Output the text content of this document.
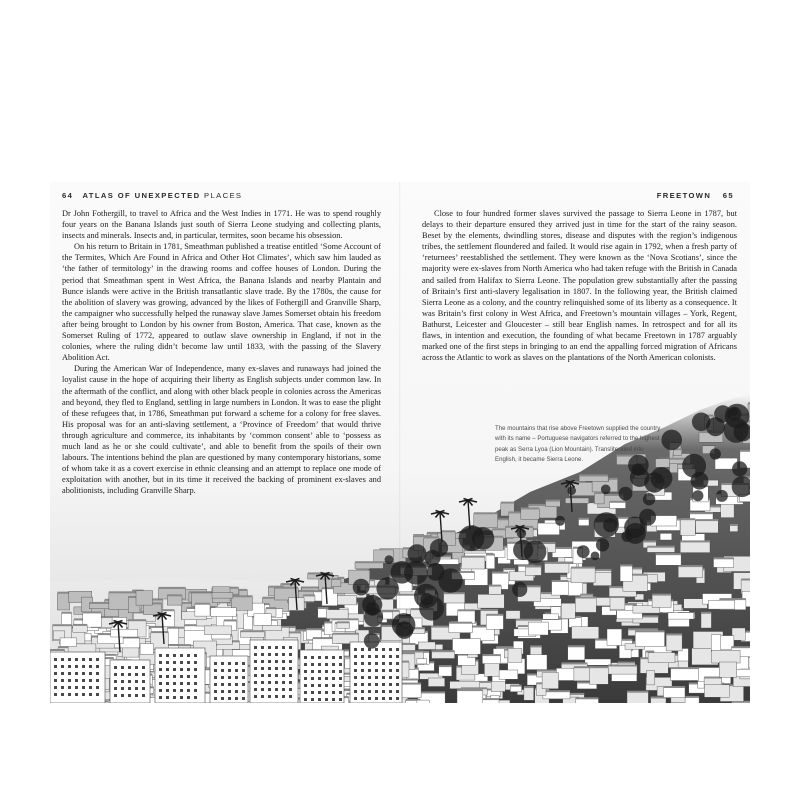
64 ATLAS OF UNEXPECTED PLACES	FREETOWN 65

Dr John Fothergill, to travel to Africa and the West Indies in 1771. He was to spend roughly four years on the Banana Islands just south of Sierra Leone studying and collecting plants, insects and minerals. Insects and, in particular, termites, soon became his obsession.

On his return to Britain in 1781, Smeathman published a treatise entitled ‘Some Account of the Termites, Which Are Found in Africa and Other Hot Climates’, which saw him lauded as ‘the father of termitology’ in the drawing rooms and coffee houses of London. During the period that Smeathman spent in West Africa, the Banana Islands and nearby Plantain and Bunce islands were active in the British transatlantic slave trade. By the 1780s, the cause for the abolition of slavery was growing, advanced by the likes of Fothergill and Granville Sharp, the campaigner who successfully helped the runaway slave James Somerset obtain his freedom after being brought to London by his owner from Boston, America. That case, known as the Somerset Ruling of 1772, appeared to outlaw slave ownership in England, if not in the colonies, where the ruling didn’t become law until 1833, with the passing of the Slavery Abolition Act.

During the American War of Independence, many ex-slaves and runaways had joined the loyalist cause in the hope of acquiring their liberty as English subjects under common law. In the aftermath of the conflict, and along with other black people in colonies across the Americas and beyond, they fled to England, settling in large numbers in London. It was to ease the plight of these refugees that, in 1786, Smeathman put forward a scheme for a colony for free slaves. His proposal was for an anti-slaving settlement, a ‘Province of Freedom’ that would thrive through agriculture and commerce, its inhabitants by ‘common consent’ able to ‘possess as much land as he or she could cultivate’, and able to benefit from the spoils of their own labours. The intentions behind the plan are questioned by many contemporary historians, some of whom take it as a covert exercise in ethnic cleansing and an attempt to replace one mode of exploitation with another, but in its time it received the backing of prominent ex-slaves and abolitionists, including Granville Sharp.

Close to four hundred former slaves survived the passage to Sierra Leone in 1787, but delays to their departure ensured they arrived just in time for the start of the rainy season. Beset by the elements, dwindling stores, disease and disputes with the region’s indigenous tribes, the settlement floundered and failed. It would rise again in 1792, when a fresh party of ‘returnees’ reestablished the settlement. They were known as the ‘Nova Scotians’, since the majority were ex-slaves from North America who had taken refuge with the British in Canada and sailed from Halifax to Sierra Leone. The population grew substantially after the passing of Britain’s first anti-slavery legalisation in 1807. In the following year, the British claimed Sierra Leone as a colony, and the country relinquished some of its liberty as a consequence. It was Britain’s first colony in West Africa, and Freetown’s mountain villages – York, Regent, Bathurst, Leicester and Gloucester – still bear English names. In retrospect and for all its flaws, in intention and execution, the founding of what became Freetown in 1787 arguably marked one of the first steps in bringing to an end the appalling forced migration of Africans across the Atlantic to work as slaves on the plantations of the North American colonists.

The mountains that rise above Freetown supplied the country with its name – Portuguese navigators referred to the highest peak as Serra Lyoa (Lion Mountain). Transliterated into English, it became Sierra Leone.
